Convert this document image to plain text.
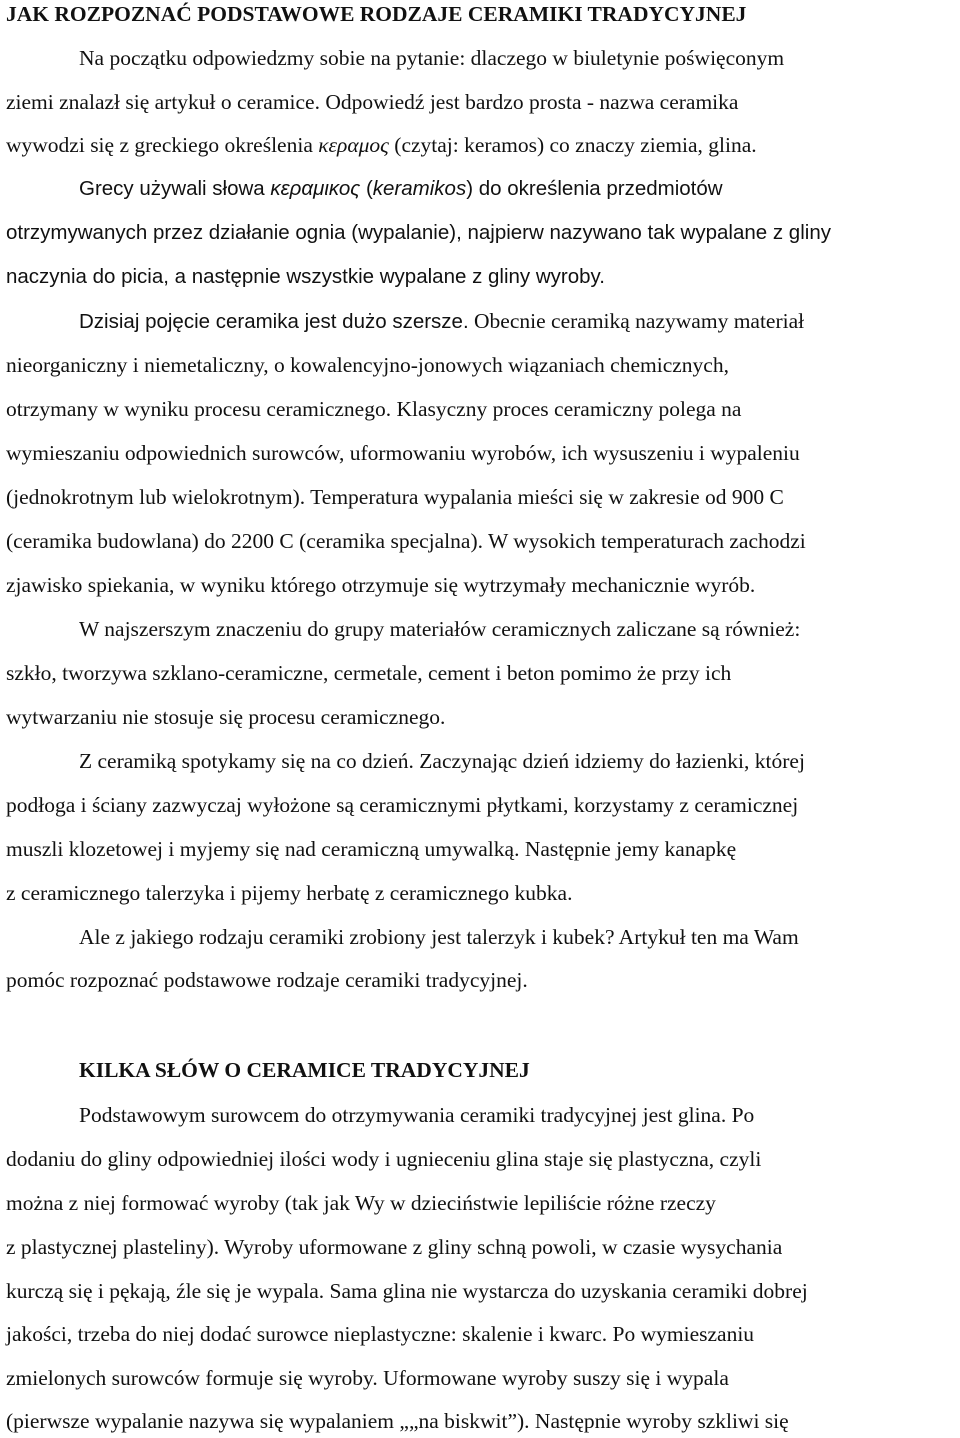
JAK ROZPOZNAĆ PODSTAWOWE RODZAJE CERAMIKI TRADYCYJNEJ
Na początku odpowiedzmy sobie na pytanie: dlaczego w biuletynie poświęconym
ziemi znalazł się artykuł o ceramice. Odpowiedź jest bardzo prosta - nazwa ceramika
wywodzi się z greckiego określenia κεραμος (czytaj: keramos) co znaczy ziemia, glina.
Grecy używali słowa κεραμικος (keramikos) do określenia przedmiotów
otrzymywanych przez działanie ognia (wypalanie), najpierw nazywano tak wypalane z gliny
naczynia do picia, a następnie wszystkie wypalane z gliny wyroby.
Dzisiaj pojęcie ceramika jest dużo szersze. Obecnie ceramiką nazywamy materiał
nieorganiczny i niemetaliczny, o kowalencyjno-jonowych wiązaniach chemicznych,
otrzymany w wyniku procesu ceramicznego. Klasyczny proces ceramiczny polega na
wymieszaniu odpowiednich surowców, uformowaniu wyrobów, ich wysuszeniu i wypaleniu
(jednokrotnym lub wielokrotnym). Temperatura wypalania mieści się w zakresie od 900 C
(ceramika budowlana) do 2200 C (ceramika specjalna). W wysokich temperaturach zachodzi
zjawisko spiekania, w wyniku którego otrzymuje się wytrzymały mechanicznie wyrób.
W najszerszym znaczeniu do grupy materiałów ceramicznych zaliczane są również:
szkło, tworzywa szklano-ceramiczne, cermetale, cement i beton pomimo że przy ich
wytwarzaniu nie stosuje się procesu ceramicznego.
Z ceramiką spotykamy się na co dzień. Zaczynając dzień idziemy do łazienki, której
podłoga i ściany zazwyczaj wyłożone są ceramicznymi płytkami, korzystamy z ceramicznej
muszli klozetowej i myjemy się nad ceramiczną umywalką. Następnie jemy kanapkę
z ceramicznego talerzyka i pijemy herbatę z ceramicznego kubka.
Ale z jakiego rodzaju ceramiki zrobiony jest talerzyk i kubek? Artykuł ten ma Wam
pomóc rozpoznać podstawowe rodzaje ceramiki tradycyjnej.
KILKA SŁÓW O CERAMICE TRADYCYJNEJ
Podstawowym surowcem do otrzymywania ceramiki tradycyjnej jest glina. Po
dodaniu do gliny odpowiedniej ilości wody i ugnieceniu glina staje się plastyczna, czyli
można z niej formować wyroby (tak jak Wy w dzieciństwie lepiliście różne rzeczy
z plastycznej plasteliny). Wyroby uformowane z gliny schną powoli, w czasie wysychania
kurczą się i pękają, źle się je wypala. Sama glina nie wystarcza do uzyskania ceramiki dobrej
jakości, trzeba do niej dodać surowce nieplastyczne: skalenie i kwarc. Po wymieszaniu
zmielonych surowców formuje się wyroby. Uformowane wyroby suszy się i wypala
(pierwsze wypalanie nazywa się wypalaniem „„na biskwit”). Następnie wyroby szkliwi się
